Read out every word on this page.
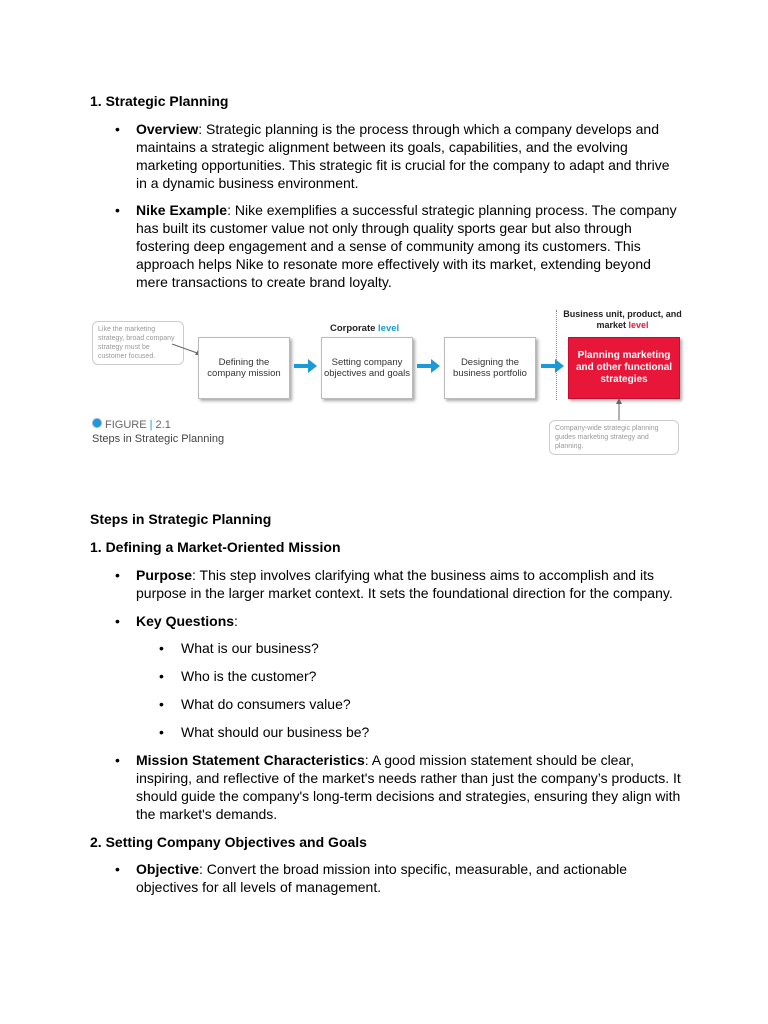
1. Strategic Planning
• Overview: Strategic planning is the process through which a company develops and maintains a strategic alignment between its goals, capabilities, and the evolving marketing opportunities. This strategic fit is crucial for the company to adapt and thrive in a dynamic business environment.
• Nike Example: Nike exemplifies a successful strategic planning process. The company has built its customer value not only through quality sports gear but also through fostering deep engagement and a sense of community among its customers. This approach helps Nike to resonate more effectively with its market, extending beyond mere transactions to create brand loyalty.
Like the marketing strategy, broad company strategy must be customer focused.
Corporate level
Business unit, product, and market level
Defining the company mission
Setting company objectives and goals
Designing the business portfolio
Planning marketing and other functional strategies
Company-wide strategic planning guides marketing strategy and planning.
FIGURE | 2.1
Steps in Strategic Planning
Steps in Strategic Planning
1. Defining a Market-Oriented Mission
• Purpose: This step involves clarifying what the business aims to accomplish and its purpose in the larger market context. It sets the foundational direction for the company.
• Key Questions:
• What is our business?
• Who is the customer?
• What do consumers value?
• What should our business be?
• Mission Statement Characteristics: A good mission statement should be clear, inspiring, and reflective of the market's needs rather than just the company’s products. It should guide the company's long-term decisions and strategies, ensuring they align with the market's demands.
2. Setting Company Objectives and Goals
• Objective: Convert the broad mission into specific, measurable, and actionable objectives for all levels of management.
